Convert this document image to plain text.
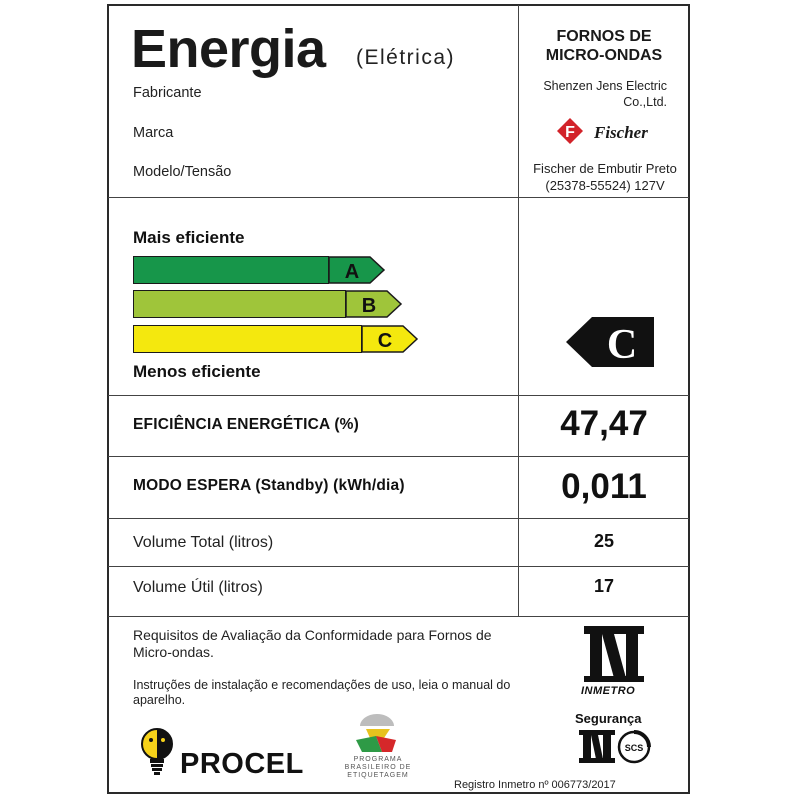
Energia (Elétrica)
Fabricante
Marca
Modelo/Tensão
FORNOS DE MICRO-ONDAS
Shenzen Jens Electric Co.,Ltd.
F Fischer
Fischer de Embutir Preto (25378-55524) 127V
Mais eficiente
A
B
C
Menos eficiente
C
EFICIÊNCIA ENERGÉTICA (%)	47,47
MODO ESPERA (Standby) (kWh/dia)	0,011
Volume Total (litros)	25
Volume Útil (litros)	17
Requisitos de Avaliação da Conformidade para Fornos de Micro-ondas.
Instruções de instalação e recomendações de uso, leia o manual do aparelho.
PROCEL	PROGRAMA BRASILEIRO DE ETIQUETAGEM
INMETRO
Segurança
SCS
Registro Inmetro nº 006773/2017
